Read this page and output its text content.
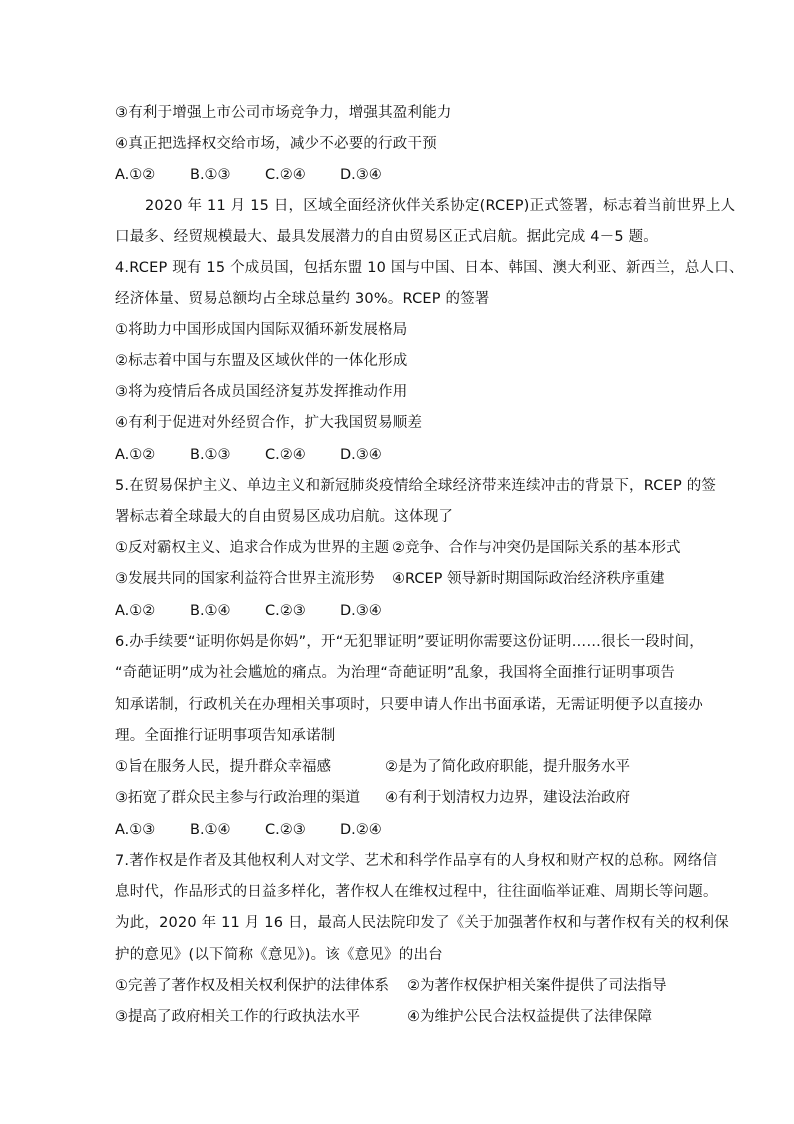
③有利于增强上市公司市场竞争力，增强其盈利能力
④真正把选择权交给市场，减少不必要的行政干预
A.①② B.①③ C.②④ D.③④
2020 年 11 月 15 日，区域全面经济伙伴关系协定(RCEP)正式签署，标志着当前世界上人
口最多、经贸规模最大、最具发展潜力的自由贸易区正式启航。据此完成 4－5 题。
4.RCEP 现有 15 个成员国，包括东盟 10 国与中国、日本、韩国、澳大利亚、新西兰，总人口、
经济体量、贸易总额均占全球总量约 30%。RCEP 的签署
①将助力中国形成国内国际双循环新发展格局
②标志着中国与东盟及区域伙伴的一体化形成
③将为疫情后各成员国经济复苏发挥推动作用
④有利于促进对外经贸合作，扩大我国贸易顺差
A.①② B.①③ C.②④ D.③④
5.在贸易保护主义、单边主义和新冠肺炎疫情给全球经济带来连续冲击的背景下，RCEP 的签
署标志着全球最大的自由贸易区成功启航。这体现了
①反对霸权主义、追求合作成为世界的主题 ②竞争、合作与冲突仍是国际关系的基本形式
③发展共同的国家利益符合世界主流形势 ④RCEP 领导新时期国际政治经济秩序重建
A.①② B.①④ C.②③ D.③④
6.办手续要“证明你妈是你妈”，开“无犯罪证明”要证明你需要这份证明……很长一段时间，
“奇葩证明”成为社会尴尬的痛点。为治理“奇葩证明”乱象，我国将全面推行证明事项告
知承诺制，行政机关在办理相关事项时，只要申请人作出书面承诺，无需证明便予以直接办
理。全面推行证明事项告知承诺制
①旨在服务人民，提升群众幸福感	②是为了简化政府职能，提升服务水平
③拓宽了群众民主参与行政治理的渠道 ④有利于划清权力边界，建设法治政府
A.①③ B.①④ C.②③ D.②④
7.著作权是作者及其他权利人对文学、艺术和科学作品享有的人身权和财产权的总称。网络信
息时代，作品形式的日益多样化，著作权人在维权过程中，往往面临举证难、周期长等问题。
为此，2020 年 11 月 16 日，最高人民法院印发了《关于加强著作权和与著作权有关的权利保
护的意见》(以下简称《意见》)。该《意见》的出台
①完善了著作权及相关权利保护的法律体系 ②为著作权保护相关案件提供了司法指导
③提高了政府相关工作的行政执法水平	④为维护公民合法权益提供了法律保障
